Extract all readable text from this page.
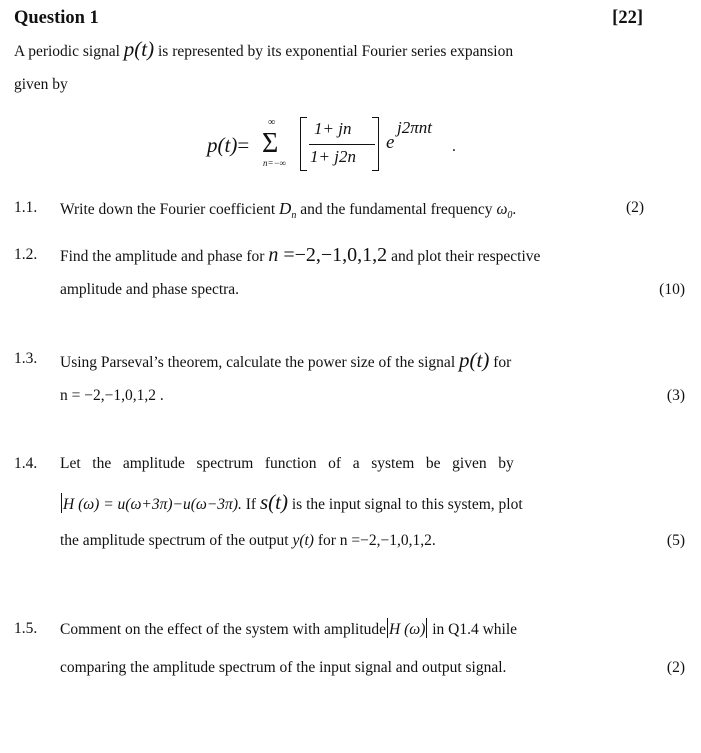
Question 1	[22]
A periodic signal p(t) is represented by its exponential Fourier series expansion
given by
p(t)=
∞
Σ
n=−∞
1+ jn
1+ j2n
e
j2πnt
.
1.1. Write down the Fourier coefficient $D_n$ and the fundamental frequency $\omega_0$.	(2)
1.2. Find the amplitude and phase for n =−2,−1,0,1,2 and plot their respective
amplitude and phase spectra.	(10)
1.3. Using Parseval’s theorem, calculate the power size of the signal p(t) for
n = −2,−1,0,1,2 .	(3)
1.4. Let   the   amplitude   spectrum   function   of   a   system   be   given   by
H (ω) = u(ω+3π)−u(ω−3π). If s(t) is the input signal to this system, plot
the amplitude spectrum of the output y(t) for n =−2,−1,0,1,2.	(5)
1.5. Comment on the effect of the system with amplitude H (ω) in Q1.4 while
comparing the amplitude spectrum of the input signal and output signal.	(2)
